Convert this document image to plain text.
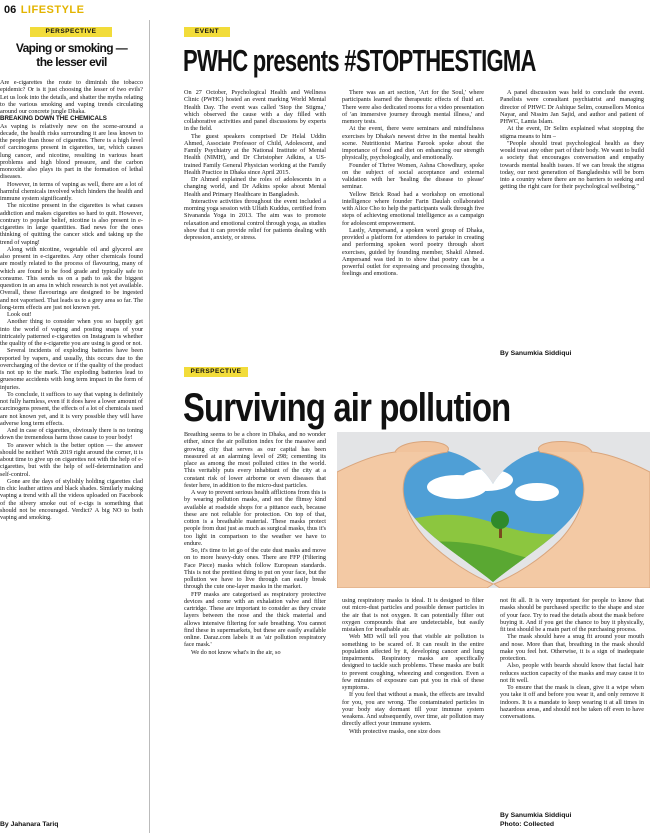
06 LIFESTYLE
PERSPECTIVE
Vaping or smoking —
the lesser evil

Are e-cigarettes the route to diminish the tobacco epidemic? Or is it just choosing the lesser of two evils? Let us look into the details, and shatter the myths relating to the various smoking and vaping trends circulating around our concrete jungle Dhaka.

BREAKING DOWN THE CHEMICALS

As vaping is relatively new on the scene-around a decade, the health risks surrounding it are less known to the people than those of cigarettes. There is a high level of carcinogens present in cigarettes, tar, which causes lung cancer, and nicotine, resulting in various heart problems and high blood pressure, and the carbon monoxide also plays its part in the formation of lethal diseases.

However, in terms of vaping as well, there are a lot of harmful chemicals involved which hinders the health and immune system significantly.

The nicotine present in the cigarettes is what causes addiction and makes cigarettes so hard to quit. However, contrary to popular belief, nicotine is also present in e-cigarettes in large quantities. Bad news for the ones thinking of quitting the cancer stick and taking up the trend of vaping!

Along with nicotine, vegetable oil and glycerol are also present in e-cigarettes. Any other chemicals found are mostly related to the process of flavouring, many of which are found to be food grade and typically safe to consume. This sends us on a path to ask the biggest question in an area in which research is not yet available. Overall, these flavourings are designed to be ingested and not vaporised. That leads us to a grey area so far. The long-term effects are just not known yet.

Look out!

Another thing to consider when you so happily get into the world of vaping and posting snaps of your intricately patterned e-cigarettes on Instagram is whether the quality of the e-cigarette you are using is good or not.

Several incidents of exploding batteries have been reported by vapers, and usually, this occurs due to the overcharging of the device or if the quality of the product is not up to the mark. The exploding batteries lead to gruesome accidents with long term impact in the form of injuries.

To conclude, it suffices to say that vaping is definitely not fully harmless, even if it does have a lower amount of carcinogens present, the effects of a lot of chemicals used are not known yet, and it is very possible they will have adverse long term effects.

And in case of cigarettes, obviously there is no toning down the tremendous harm those cause to your body!

To answer which is the better option — the answer should be neither! With 2019 right around the corner, it is about time to give up on cigarettes not with the help of e-cigarettes, but with the help of self-determination and self-control.

Gone are the days of stylishly holding cigarettes clad in chic leather attires and black shades. Similarly making vaping a trend with all the videos uploaded on Facebook of the silvery smoke out of e-cigs is something that should not be encouraged. Verdict? A big NO to both vaping and smoking.

By Jahanara Tariq
EVENT
PWHC presents #STOPTHESTIGMA

On 27 October, Psychological Health and Wellness Clinic (PWHC) hosted an event marking World Mental Health Day. The event was called 'Stop the Stigma,' which observed the cause with a day filled with collaborative activities and panel discussions by experts in the field.

The guest speakers comprised Dr Helal Uddin Ahmed, Associate Professor of Child, Adolescent, and Family Psychiatry at the National Institute of Mental Health (NIMH), and Dr Christopher Adkins, a US-trained Family General Physician working at the Family Health Practice in Dhaka since April 2015.

Dr Ahmed explained the roles of adolescents in a changing world, and Dr Adkins spoke about Mental Health and Primary Healthcare in Bangladesh.

Interactive activities throughout the event included a morning yoga session with Ulfath Kuddus, certified from Sivananda Yoga in 2013. The aim was to promote relaxation and emotional control through yoga, as studies show that it can provide relief for patients dealing with depression, anxiety, or stress.

There was an art section, 'Art for the Soul,' where participants learned the therapeutic effects of fluid art. There were also dedicated rooms for a video presentation of 'an immersive journey through mental illness,' and memory tests.

At the event, there were seminars and mindfulness exercises by Dhaka's newest drive in the mental health scene. Nutritionist Marina Farook spoke about the importance of food and diet on enhancing our strength physically, psychologically, and emotionally.

Founder of Thrive Women, Ashna Chowdhury, spoke on the subject of social acceptance and external validation with her 'healing the disease to please' seminar.

Yellow Brick Road had a workshop on emotional intelligence where founder Farin Daulah collaborated with Alice Cho to help the participants walk through five steps of achieving emotional intelligence as a campaign for adolescent empowerment.

Lastly, Ampersand, a spoken word group of Dhaka, provided a platform for attendees to partake in creating and performing spoken word poetry through short exercises, guided by founding member, Shakil Ahmed. Ampersand was tied in to show that poetry can be a powerful outlet for expressing and processing thoughts, feelings and emotions.

A panel discussion was held to conclude the event. Panelists were consultant psychiatrist and managing director of PHWC Dr Ashique Selim, counsellors Monica Nayar, and Nissim Jan Sajid, and author and patient of PHWC, Lamia Islam.

At the event, Dr Selim explained what stopping the stigma means to him –

"People should treat psychological health as they would treat any other part of their body. We want to build a society that encourages conversation and empathy towards mental health issues. If we can break the stigma today, our next generation of Bangladeshis will be born into a country where there are no barriers to seeking and getting the right care for their psychological wellbeing."

By Sanumkia Siddiqui
PERSPECTIVE
Surviving air pollution

Breathing seems to be a chore in Dhaka, and no wonder either, since the air pollution index for the massive and growing city that serves as our capital has been measured at an alarming level of 298; cementing its place as among the most polluted cities in the world. This veritably puts every inhabitant of the city at a constant risk of lower airborne or even diseases that fester here, in addition to the micro-dust particles.

A way to prevent serious health afflictions from this is by wearing pollution masks, and not the flimsy kind available at roadside shops for a pittance each, because these are not reliable for protection. On top of that, cotton is a breathable material. These masks protect people from dust just as much as surgical masks, thus it's too light in comparison to the weather we have to endure.

So, it's time to let go of the cute dust masks and move on to more heavy-duty ones. There are FFP (Filtering Face Piece) masks which follow European standards. This is not the prettiest thing to put on your face, but the pollution we have to live through can easily break through the cute one-layer masks in the market.

FFP masks are categorised as respiratory protective devices and come with an exhalation valve and filter cartridge. These are important to consider as they create layers between the nose and the thick material and allows intensive filtering for safe breathing. You cannot find these in supermarkets, but these are easily available online. Daraz.com labels it as 'air pollution respiratory face mask.'

We do not know what's in the air, so

using respiratory masks is ideal. It is designed to filter out micro-dust particles and possible denser particles in the air that is not oxygen. It can potentially filter out oxygen compounds that are undetectable, but easily mistaken for breathable air.

Web MD will tell you that visible air pollution is something to be scared of. It can result in the entire population affected by it, developing cancer and lung impairments. Respiratory masks are specifically designed to tackle such problems. These masks are built to prevent coughing, wheezing and congestion. Even a few minutes of exposure can put you in risk of these symptoms.

If you feel that without a mask, the effects are invalid for you, you are wrong. The contaminated particles in your body stay dormant till your immune system weakens. And subsequently, over time, air pollution may directly affect your immune system.

With protective masks, one size does

not fit all. It is very important for people to know that masks should be purchased specific to the shape and size of your face. Try to read the details about the mask before buying it. And if you get the chance to buy it physically, fit test should be a main part of the purchasing process.

The mask should have a snug fit around your mouth and nose. More than that, breathing in the mask should make you feel hot. Otherwise, it is a sign of inadequate protection.

Also, people with beards should know that facial hair reduces suction capacity of the masks and may cause it to not fit well.

To ensure that the mask is clean, give it a wipe when you take it off and before you wear it, and only remove it indoors. It is a mandate to keep wearing it at all times in hazardous areas, and should not be taken off even to have conversations.

By Sanumkia Siddiqui
Photo: Collected
